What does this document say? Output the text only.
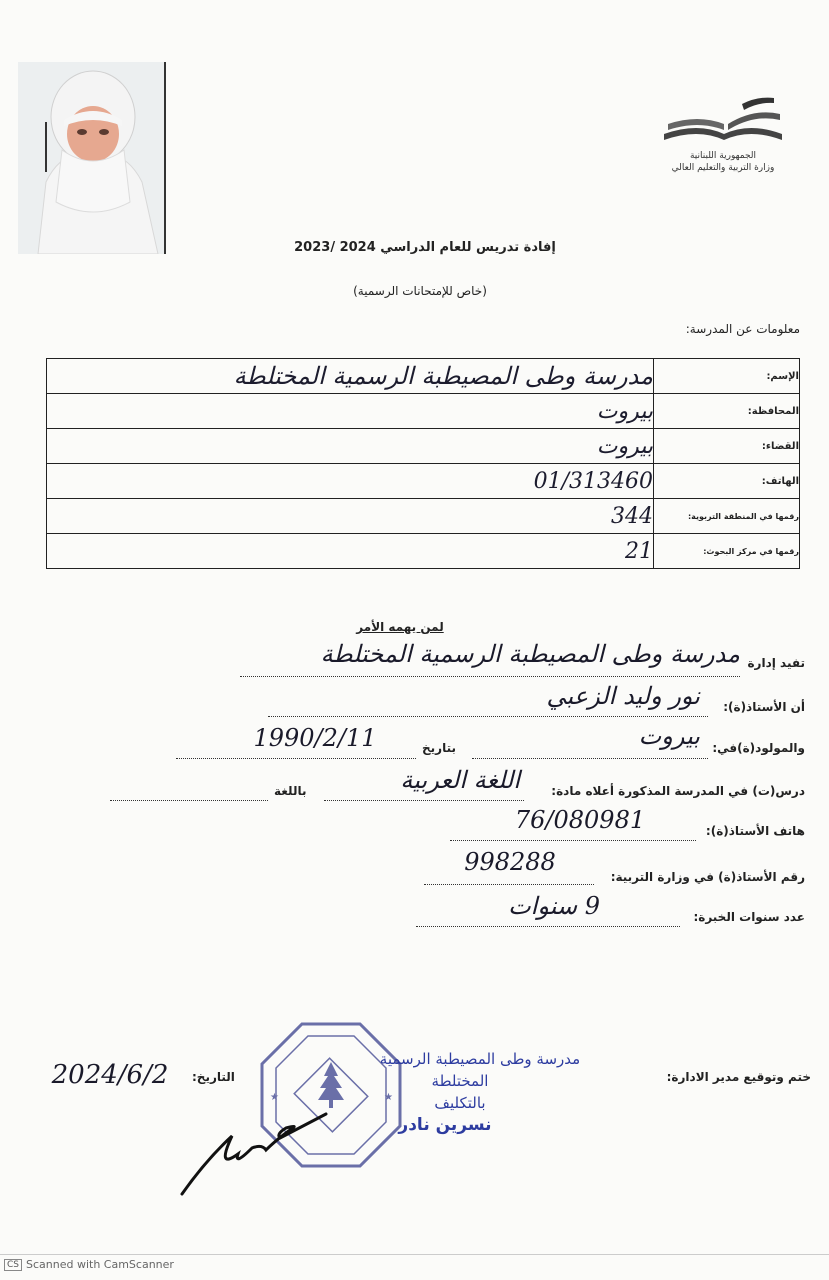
الجمهورية اللبنانية
وزارة التربية والتعليم العالي
إفادة تدريس للعام الدراسي 2024 /2023
(خاص للإمتحانات الرسمية)
معلومات عن المدرسة:
مدرسة وطى المصيطبة الرسمية المختلطة	الإسم:
بيروت	المحافظة:
بيروت	القضاء:
01/313460	الهاتف:
344	رقمها في المنطقة التربوية:
21	رقمها في مركز البحوث:
لمن يهمه الأمر
تفيد إدارة
مدرسة وطى المصيطبة الرسمية المختلطة
أن الأستاذ(ة):
نور وليد الزعبي
والمولود(ة)في:
بيروت
بتاريخ
1990/2/11
درس(ت) في المدرسة المذكورة أعلاه مادة:
اللغة العربية
باللغة
هاتف الأستاذ(ة):
76/080981
رقم الأستاذ(ة) في وزارة التربية:
998288
عدد سنوات الخبرة:
9 سنوات
ختم وتوقيع مدير الادارة:
التاريخ:
2024/6/2
★	★
مدرسة وطى المصيطبة الرسمية
المختلطة
بالتكليف
نسرين نادر
CS Scanned with CamScanner
